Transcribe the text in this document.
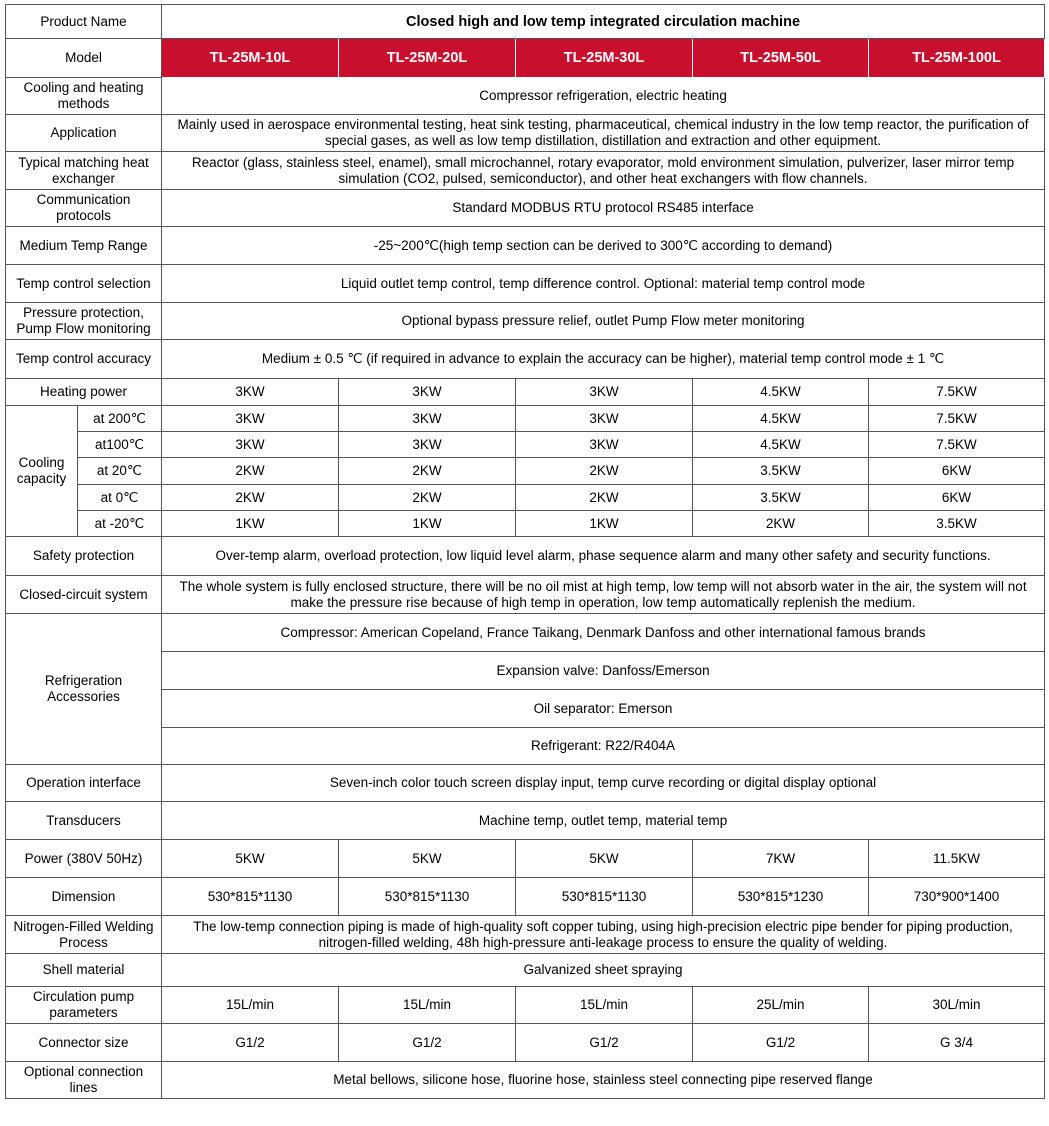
Product Name		Closed high and low temp integrated circulation machine				
Model		TL-25M-10L	TL-25M-20L	TL-25M-30L	TL-25M-50L	TL-25M-100L
Cooling and heating methods		Compressor refrigeration, electric heating				
Application		Mainly used in aerospace environmental testing, heat sink testing, pharmaceutical, chemical industry in the low temp reactor, the purification of special gases, as well as low temp distillation, distillation and extraction and other equipment.				
Typical matching heat exchanger		Reactor (glass, stainless steel, enamel), small microchannel, rotary evaporator, mold environment simulation, pulverizer, laser mirror temp simulation (CO2, pulsed, semiconductor), and other heat exchangers with flow channels.				
Communication protocols		Standard MODBUS RTU protocol RS485 interface				
Medium Temp Range		-25~200℃(high temp section can be derived to 300℃ according to demand)				
Temp control selection		Liquid outlet temp control, temp difference control. Optional: material temp control mode				
Pressure protection, Pump Flow monitoring		Optional bypass pressure relief, outlet Pump Flow meter monitoring				
Temp control accuracy		Medium ± 0.5 ℃ (if required in advance to explain the accuracy can be higher), material temp control mode ± 1 ℃				
Heating power		3KW	3KW	3KW	4.5KW	7.5KW
Cooling capacity	at 200℃	3KW	3KW	3KW	4.5KW	7.5KW
	at100℃	3KW	3KW	3KW	4.5KW	7.5KW
	at 20℃	2KW	2KW	2KW	3.5KW	6KW
	at 0℃	2KW	2KW	2KW	3.5KW	6KW
	at -20℃	1KW	1KW	1KW	2KW	3.5KW
Safety protection		Over-temp alarm, overload protection, low liquid level alarm, phase sequence alarm and many other safety and security functions.				
Closed-circuit system		The whole system is fully enclosed structure, there will be no oil mist at high temp, low temp will not absorb water in the air, the system will not make the pressure rise because of high temp in operation, low temp automatically replenish the medium.				
Refrigeration Accessories		Compressor: American Copeland, France Taikang, Denmark Danfoss and other international famous brands				
		Expansion valve: Danfoss/Emerson				
		Oil separator: Emerson				
		Refrigerant: R22/R404A				
Operation interface		Seven-inch color touch screen display input, temp curve recording or digital display optional				
Transducers		Machine temp, outlet temp, material temp				
Power (380V 50Hz)		5KW	5KW	5KW	7KW	11.5KW
Dimension		530*815*1130	530*815*1130	530*815*1130	530*815*1230	730*900*1400
Nitrogen-Filled Welding Process		The low-temp connection piping is made of high-quality soft copper tubing, using high-precision electric pipe bender for piping production, nitrogen-filled welding, 48h high-pressure anti-leakage process to ensure the quality of welding.				
Shell material		Galvanized sheet spraying				
Circulation pump parameters		15L/min	15L/min	15L/min	25L/min	30L/min
Connector size		G1/2	G1/2	G1/2	G1/2	G 3/4
Optional connection lines		Metal bellows, silicone hose, fluorine hose, stainless steel connecting pipe reserved flange				
